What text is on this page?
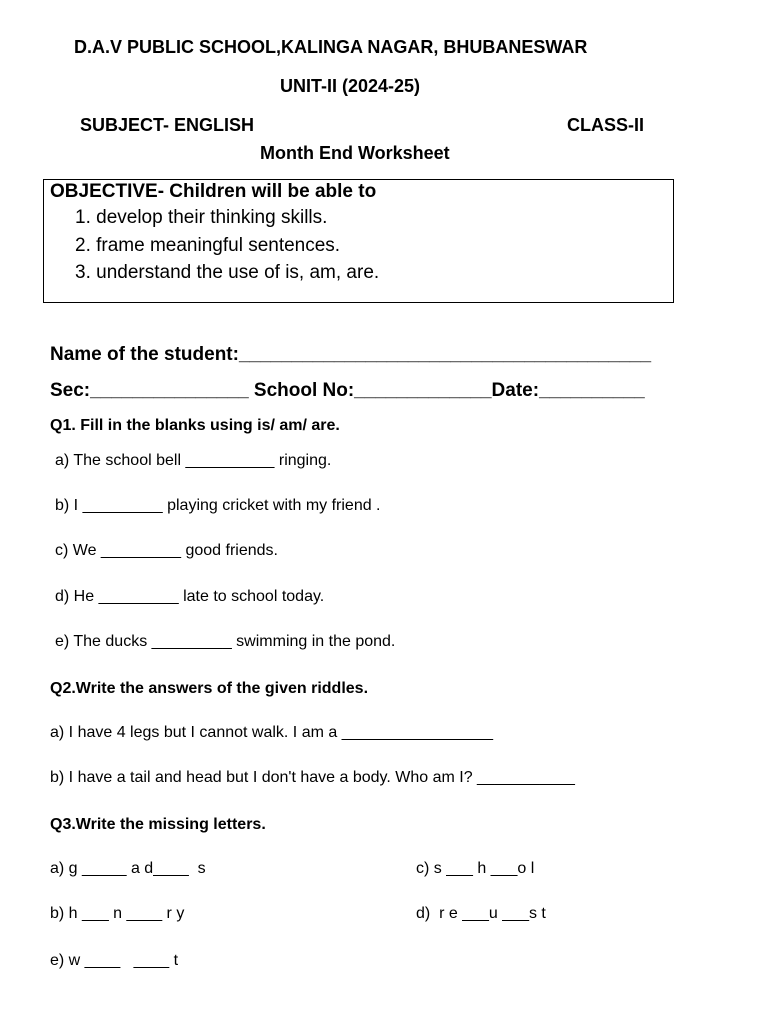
D.A.V PUBLIC SCHOOL,KALINGA NAGAR, BHUBANESWAR
UNIT-II (2024-25)
SUBJECT- ENGLISH	CLASS-II
Month End Worksheet
OBJECTIVE- Children will be able to
1. develop their thinking skills.
2. frame meaningful sentences.
3. understand the use of is, am, are.
Name of the student:_______________________________________
Sec:_______________ School No:_____________Date:__________
Q1. Fill in the blanks using is/ am/ are.
a) The school bell __________ ringing.
b) I _________ playing cricket with my friend .
c) We _________ good friends.
d) He _________ late to school today.
e) The ducks _________ swimming in the pond.
Q2.Write the answers of the given riddles.
a) I have 4 legs but I cannot walk. I am a _________________
b) I have a tail and head but I don't have a body. Who am I? ___________
Q3.Write the missing letters.
a) g _____ a d____  s	c) s ___ h ___o l
b) h ___ n ____ r y	d)  r e ___u ___s t
e) w ____   ____ t
